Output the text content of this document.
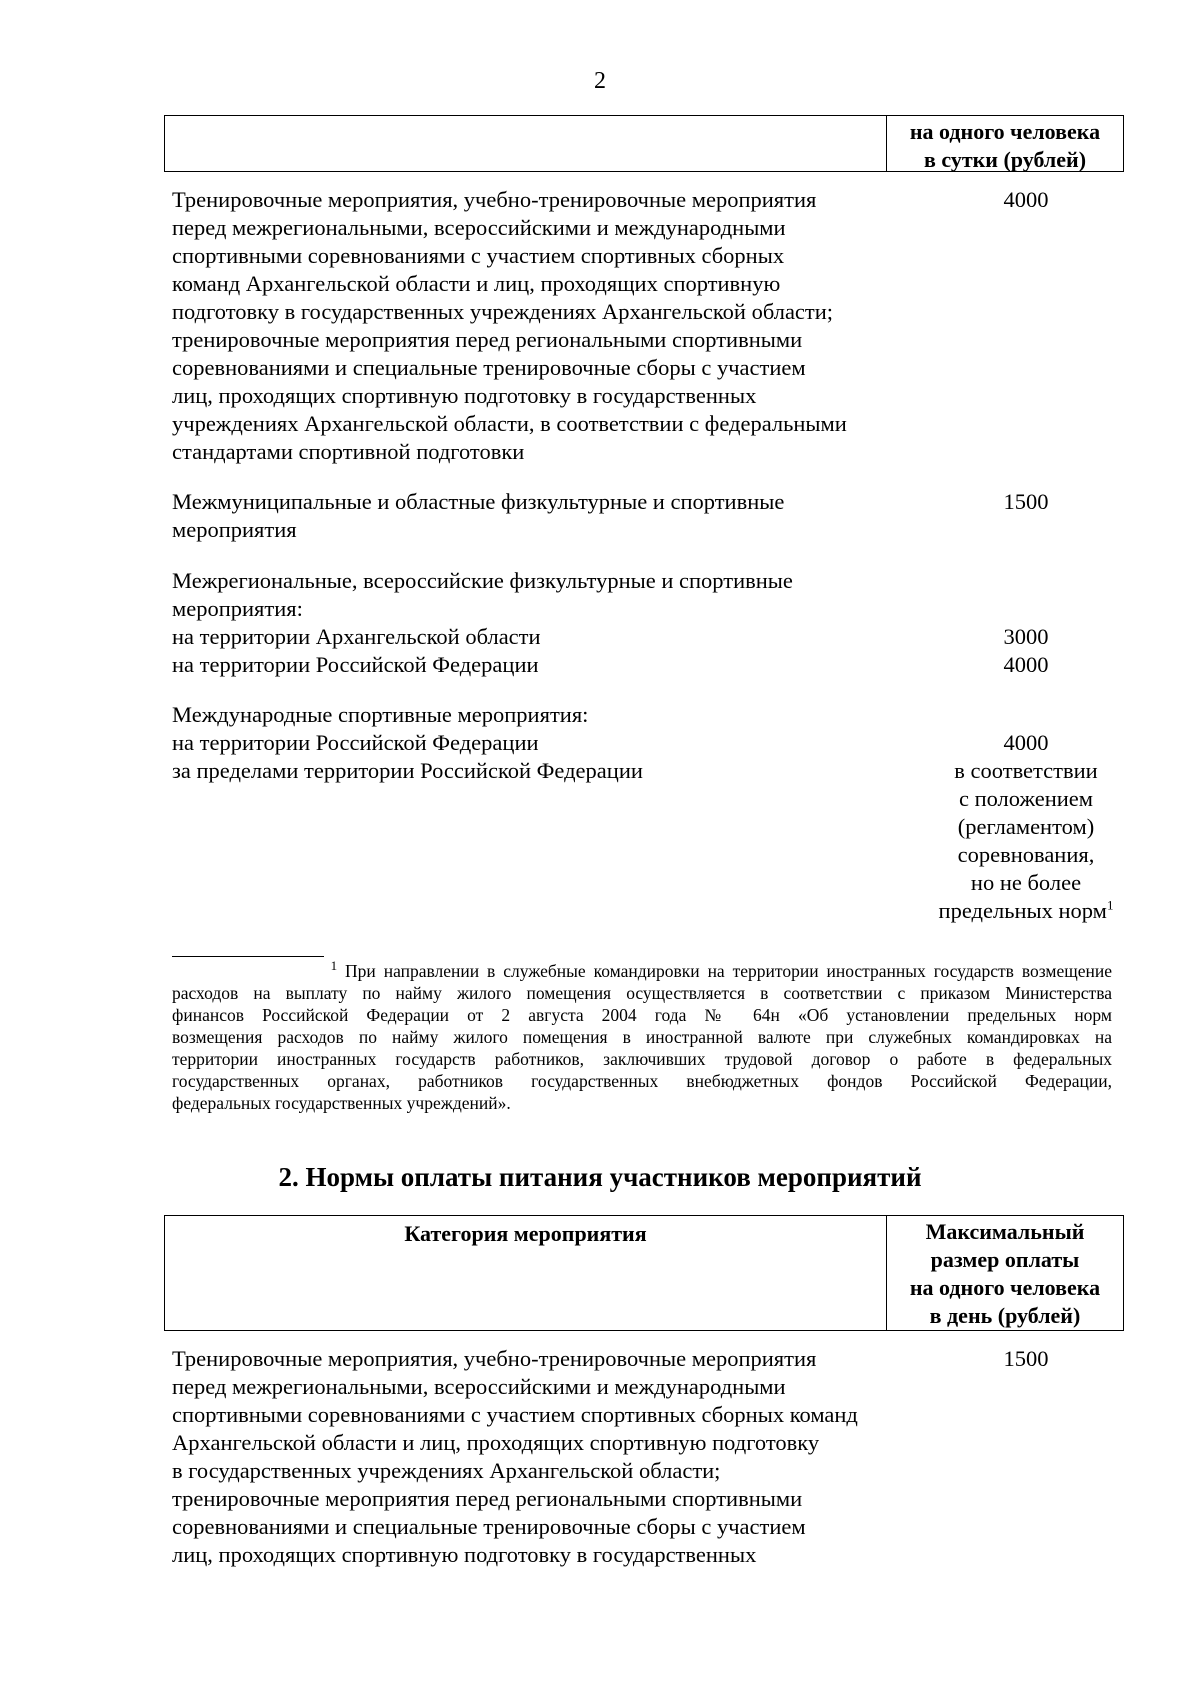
2
на одного человека
в сутки (рублей)
Тренировочные мероприятия, учебно-тренировочные мероприятия
перед межрегиональными, всероссийскими и международными
спортивными соревнованиями с участием спортивных сборных
команд Архангельской области и лиц, проходящих спортивную
подготовку в государственных учреждениях Архангельской области;
тренировочные мероприятия перед региональными спортивными
соревнованиями и специальные тренировочные сборы с участием
лиц, проходящих спортивную подготовку в государственных
учреждениях Архангельской области, в соответствии с федеральными
стандартами спортивной подготовки
4000
Межмуниципальные и областные физкультурные и спортивные
мероприятия
1500
Межрегиональные, всероссийские физкультурные и спортивные
мероприятия:
на территории Архангельской области
на территории Российской Федерации
3000
4000
Международные спортивные мероприятия:
на территории Российской Федерации
за пределами территории Российской Федерации
4000
в соответствии
с положением
(регламентом)
соревнования,
но не более
предельных норм$^1$
$^1$ При направлении в служебные командировки на территории иностранных государств возмещение
расходов на выплату по найму жилого помещения осуществляется в соответствии с приказом Министерства
финансов Российской Федерации от 2 августа 2004 года № 64н «Об установлении предельных норм
возмещения расходов по найму жилого помещения в иностранной валюте при служебных командировках на
территории иностранных государств работников, заключивших трудовой договор о работе в федеральных
государственных органах, работников государственных внебюджетных фондов Российской Федерации,
федеральных государственных учреждений».
2. Нормы оплаты питания участников мероприятий
Категория мероприятия	Максимальный
размер оплаты
на одного человека
в день (рублей)
Тренировочные мероприятия, учебно-тренировочные мероприятия
перед межрегиональными, всероссийскими и международными
спортивными соревнованиями с участием спортивных сборных команд
Архангельской области и лиц, проходящих спортивную подготовку
в государственных учреждениях Архангельской области;
тренировочные мероприятия перед региональными спортивными
соревнованиями и специальные тренировочные сборы с участием
лиц, проходящих спортивную подготовку в государственных
1500
